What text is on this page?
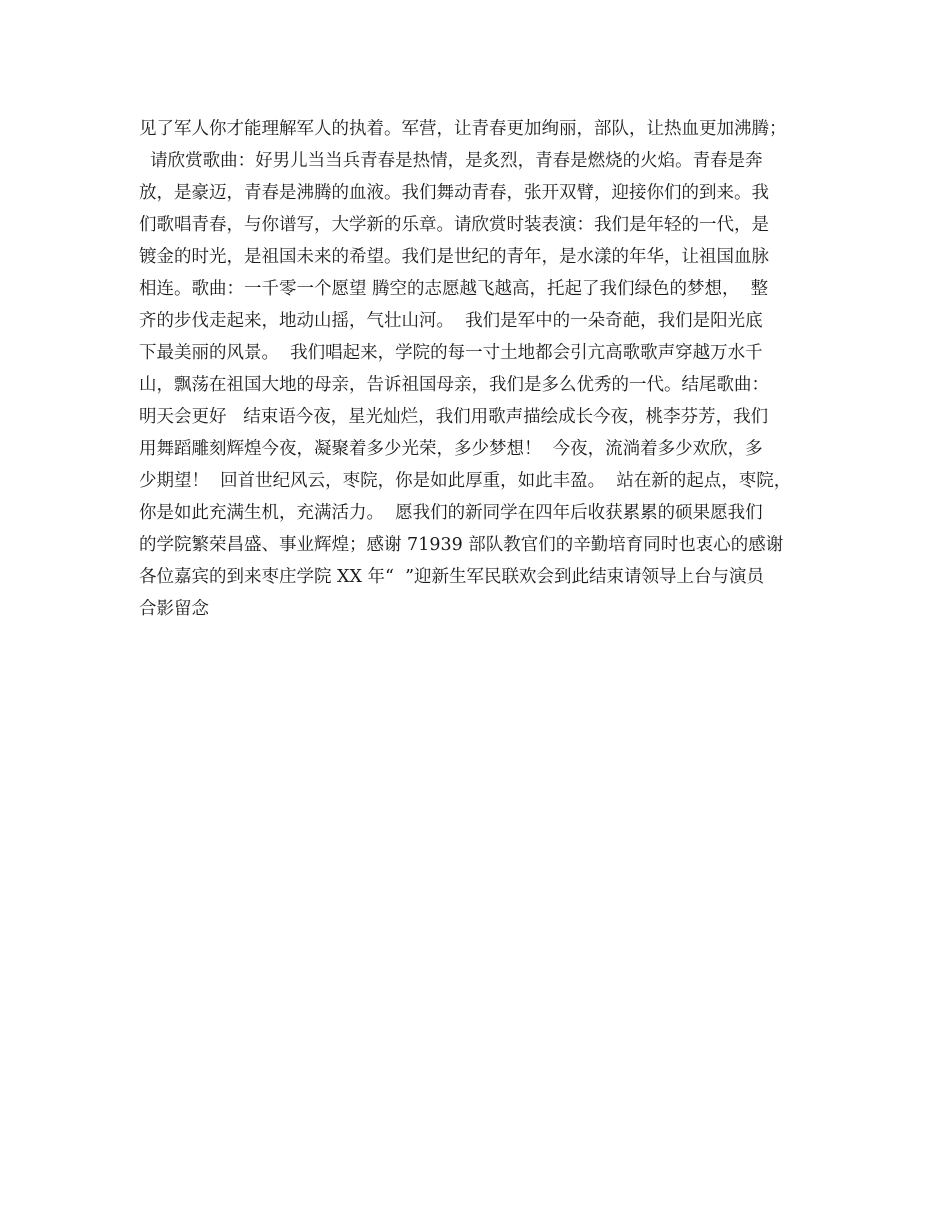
见了军人你才能理解军人的执着。军营，让青春更加绚丽，部队，让热血更加沸腾；
请欣赏歌曲：好男儿当当兵青春是热情，是炙烈，青春是燃烧的火焰。青春是奔
放，是豪迈，青春是沸腾的血液。我们舞动青春，张开双臂，迎接你们的到来。我
们歌唱青春，与你谱写，大学新的乐章。请欣赏时装表演：我们是年轻的一代，是
镀金的时光，是祖国未来的希望。我们是世纪的青年，是水漾的年华，让祖国血脉
相连。歌曲：一千零一个愿望 腾空的志愿越飞越高，托起了我们绿色的梦想，  整
齐的步伐走起来，地动山摇，气壮山河。  我们是军中的一朵奇葩，我们是阳光底
下最美丽的风景。  我们唱起来，学院的每一寸土地都会引亢高歌歌声穿越万水千
山，飘荡在祖国大地的母亲，告诉祖国母亲，我们是多么优秀的一代。结尾歌曲：
明天会更好   结束语今夜，星光灿烂，我们用歌声描绘成长今夜，桃李芬芳，我们
用舞蹈雕刻辉煌今夜，凝聚着多少光荣，多少梦想！  今夜，流淌着多少欢欣，多
少期望！  回首世纪风云，枣院，你是如此厚重，如此丰盈。  站在新的起点，枣院，
你是如此充满生机，充满活力。  愿我们的新同学在四年后收获累累的硕果愿我们
的学院繁荣昌盛、事业辉煌；感谢 71939 部队教官们的辛勤培育同时也衷心的感谢
各位嘉宾的到来枣庄学院 XX 年“  ”迎新生军民联欢会到此结束请领导上台与演员
合影留念
